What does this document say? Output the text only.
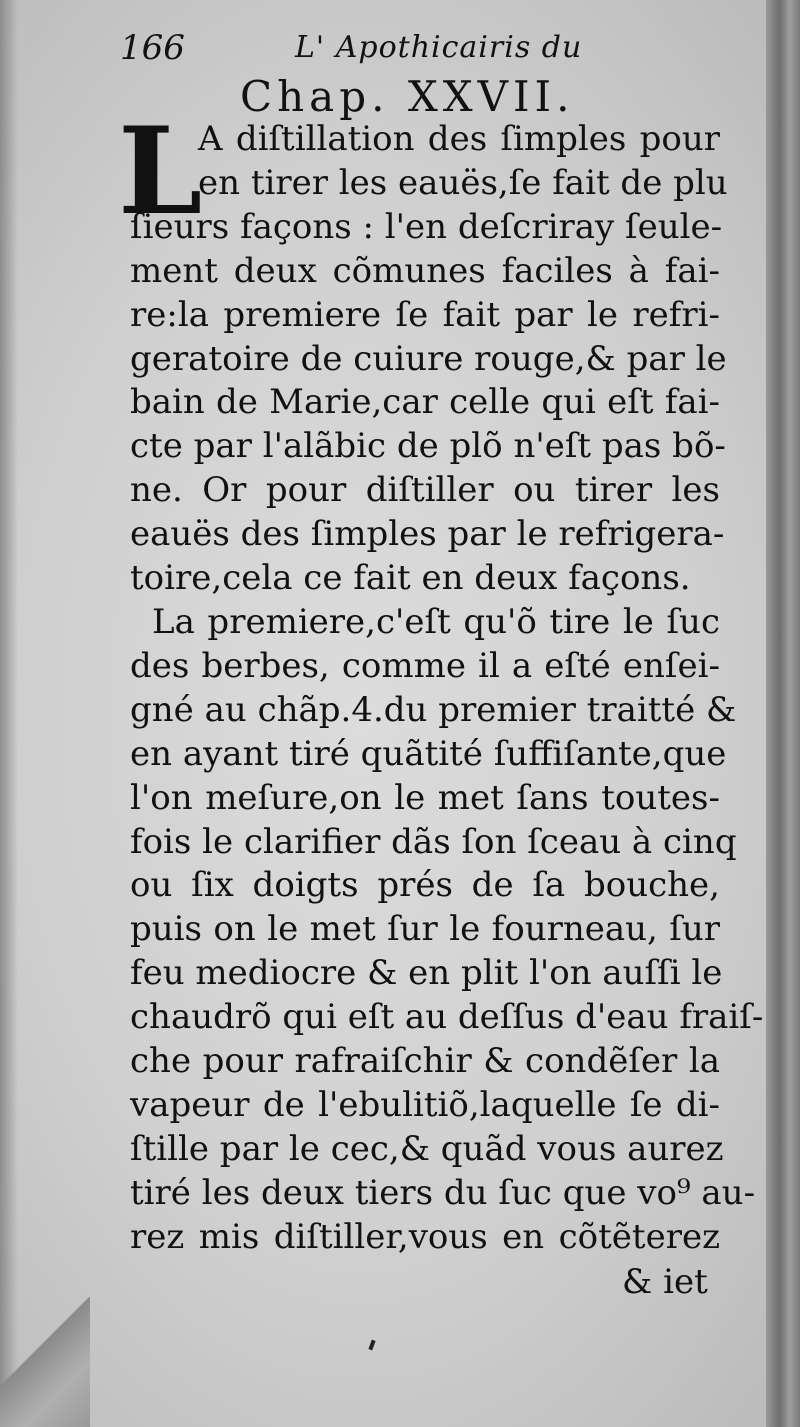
166	L' Apothicairis du
Chap. XXVII.
L
A diſtillation des ſimples pour
en tirer les eauës,ſe fait de plu
ſieurs façons : l'en deſcriray ſeule-
ment deux cõmunes faciles à fai-
re:la premiere ſe fait par le refri-
geratoire de cuiure rouge,& par le
bain de Marie,car celle qui eſt fai-
cte par l'alãbic de plõ n'eſt pas bõ-
ne. Or pour diſtiller ou tirer les
eauës des ſimples par le refrigera-
toire,cela ce fait en deux façons.
La premiere,c'eſt qu'õ tire le ſuc
des berbes, comme il a eſté enſei-
gné au chãp.4.du premier traitté &
en ayant tiré quãtité ſuffiſante,que
l'on meſure,on le met ſans toutes-
fois le clarifier dãs ſon ſceau à cinq
ou ſix doigts prés de ſa bouche,
puis on le met ſur le fourneau, ſur
feu mediocre & en plit l'on auſſi le
chaudrõ qui eſt au deſſus d'eau fraiſ-
che pour rafraiſchir & condẽſer la
vapeur de l'ebulitiõ,laquelle ſe di-
ſtille par le cec,& quãd vous aurez
tiré les deux tiers du ſuc que vo⁹ au-
rez mis diſtiller,vous en cõtẽterez
& iet
